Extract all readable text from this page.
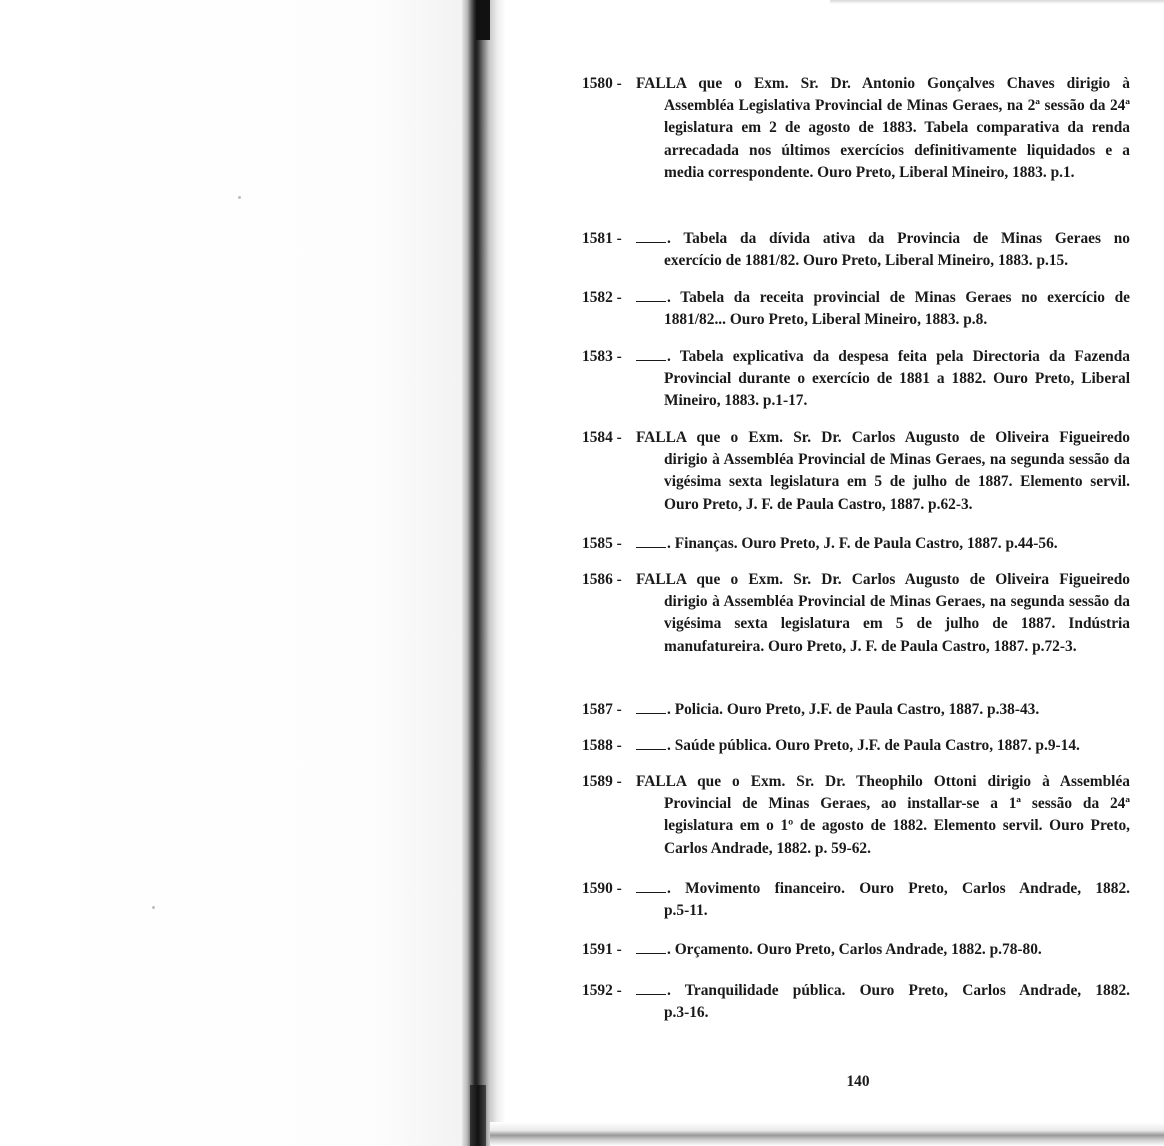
1580 - FALLA que o Exm. Sr. Dr. Antonio Gonçalves Chaves dirigio à
Assembléa Legislativa Provincial de Minas Geraes, na 2ª sessão da 24ª legislatura em 2 de agosto de 1883. Tabela comparativa da renda arrecadada nos últimos exercícios definitivamente liquidados e a media correspondente. Ouro Preto, Liberal Mineiro, 1883. p.1.
1581 -	. Tabela da dívida ativa da Provincia de Minas Geraes no
exercício de 1881/82. Ouro Preto, Liberal Mineiro, 1883. p.15.
1582 -	. Tabela da receita provincial de Minas Geraes no exercício de
1881/82... Ouro Preto, Liberal Mineiro, 1883. p.8.
1583 -	. Tabela explicativa da despesa feita pela Directoria da Fazenda
Provincial durante o exercício de 1881 a 1882. Ouro Preto, Liberal Mineiro, 1883. p.1-17.
1584 - FALLA que o Exm. Sr. Dr. Carlos Augusto de Oliveira Figueiredo
dirigio à Assembléa Provincial de Minas Geraes, na segunda sessão da vigésima sexta legislatura em 5 de julho de 1887. Elemento servil. Ouro Preto, J. F. de Paula Castro, 1887. p.62-3.
1585 -	. Finanças. Ouro Preto, J. F. de Paula Castro, 1887. p.44-56.
1586 - FALLA que o Exm. Sr. Dr. Carlos Augusto de Oliveira Figueiredo
dirigio à Assembléa Provincial de Minas Geraes, na segunda sessão da vigésima sexta legislatura em 5 de julho de 1887. Indústria manufatureira. Ouro Preto, J. F. de Paula Castro, 1887. p.72-3.
1587 -	. Policia. Ouro Preto, J.F. de Paula Castro, 1887. p.38-43.
1588 -	. Saúde pública. Ouro Preto, J.F. de Paula Castro, 1887. p.9-14.
1589 - FALLA que o Exm. Sr. Dr. Theophilo Ottoni dirigio à Assembléa
Provincial de Minas Geraes, ao installar-se a 1ª sessão da 24ª legislatura em o 1º de agosto de 1882. Elemento servil. Ouro Preto, Carlos Andrade, 1882. p. 59-62.
1590 -	. Movimento financeiro. Ouro Preto, Carlos Andrade, 1882.
p.5-11.
1591 -	. Orçamento. Ouro Preto, Carlos Andrade, 1882. p.78-80.
1592 -	. Tranquilidade pública. Ouro Preto, Carlos Andrade, 1882.
p.3-16.
140
